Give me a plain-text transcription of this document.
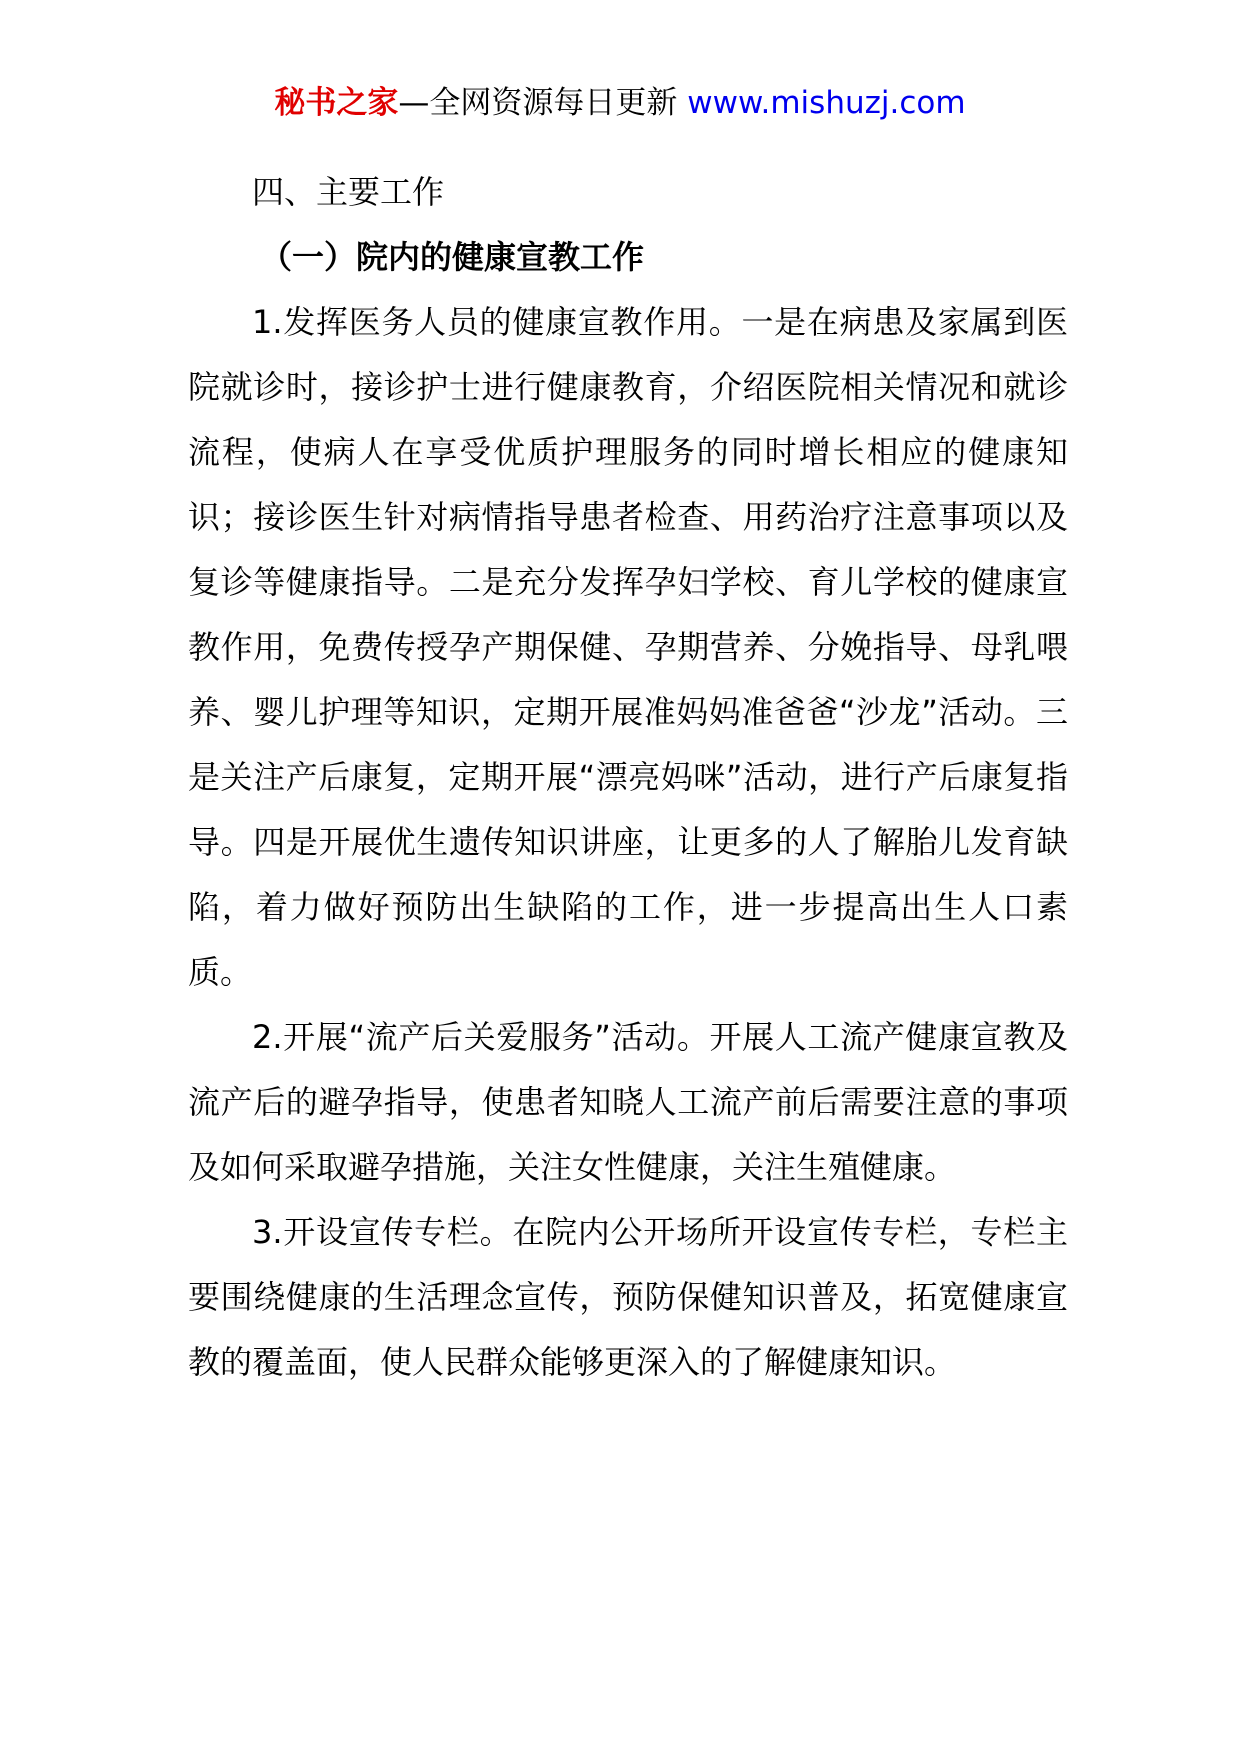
秘书之家—全网资源每日更新 www.mishuzj.com

四、主要工作

（一）院内的健康宣教工作

1.发挥医务人员的健康宣教作用。一是在病患及家属到医院就诊时，接诊护士进行健康教育，介绍医院相关情况和就诊流程，使病人在享受优质护理服务的同时增长相应的健康知识；接诊医生针对病情指导患者检查、用药治疗注意事项以及复诊等健康指导。二是充分发挥孕妇学校、育儿学校的健康宣教作用，免费传授孕产期保健、孕期营养、分娩指导、母乳喂养、婴儿护理等知识，定期开展准妈妈准爸爸“沙龙”活动。三是关注产后康复，定期开展“漂亮妈咪”活动，进行产后康复指导。四是开展优生遗传知识讲座，让更多的人了解胎儿发育缺陷，着力做好预防出生缺陷的工作，进一步提高出生人口素质。

2.开展“流产后关爱服务”活动。开展人工流产健康宣教及流产后的避孕指导，使患者知晓人工流产前后需要注意的事项及如何采取避孕措施，关注女性健康，关注生殖健康。

3.开设宣传专栏。在院内公开场所开设宣传专栏，专栏主要围绕健康的生活理念宣传，预防保健知识普及，拓宽健康宣教的覆盖面，使人民群众能够更深入的了解健康知识。
